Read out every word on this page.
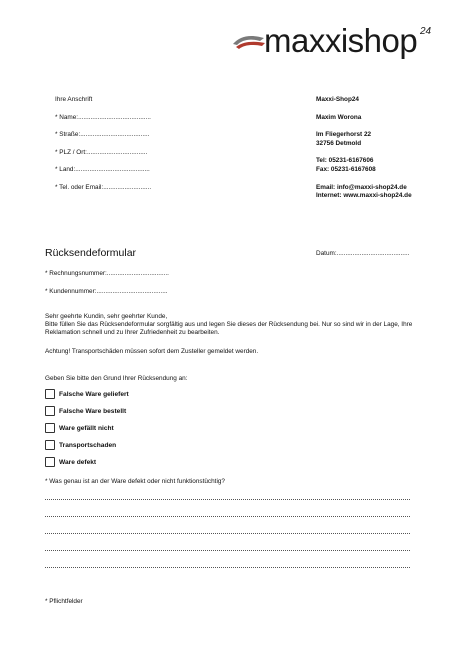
maxxishop 24
Ihre Anschrift
* Name:.........................................
* Straße:.......................................
* PLZ / Ort:..................................
* Land:..........................................
* Tel. oder Email:...........................
Maxxi-Shop24
Maxim Worona
Im Fliegerhorst 22
32756 Detmold
Tel: 05231-6167606
Fax: 05231-6167608
Email: info@maxxi-shop24.de
Internet: www.maxxi-shop24.de
Rücksendeformular	Datum:.........................................
* Rechnungsnummer:...................................
* Kundennummer:........................................
Sehr geehrte Kundin, sehr geehrter Kunde,
Bitte füllen Sie das Rücksendeformular sorgfältig aus und legen Sie dieses der Rücksendung bei. Nur so sind wir in der Lage, Ihre Reklamation schnell und zu Ihrer Zufriedenheit zu bearbeiten.
Achtung! Transportschäden müssen sofort dem Zusteller gemeldet werden.
Geben Sie bitte den Grund Ihrer Rücksendung an:
Falsche Ware geliefert
Falsche Ware bestellt
Ware gefällt nicht
Transportschaden
Ware defekt
* Was genau ist an der Ware defekt oder nicht funktionstüchtig?
* Pflichtfelder
